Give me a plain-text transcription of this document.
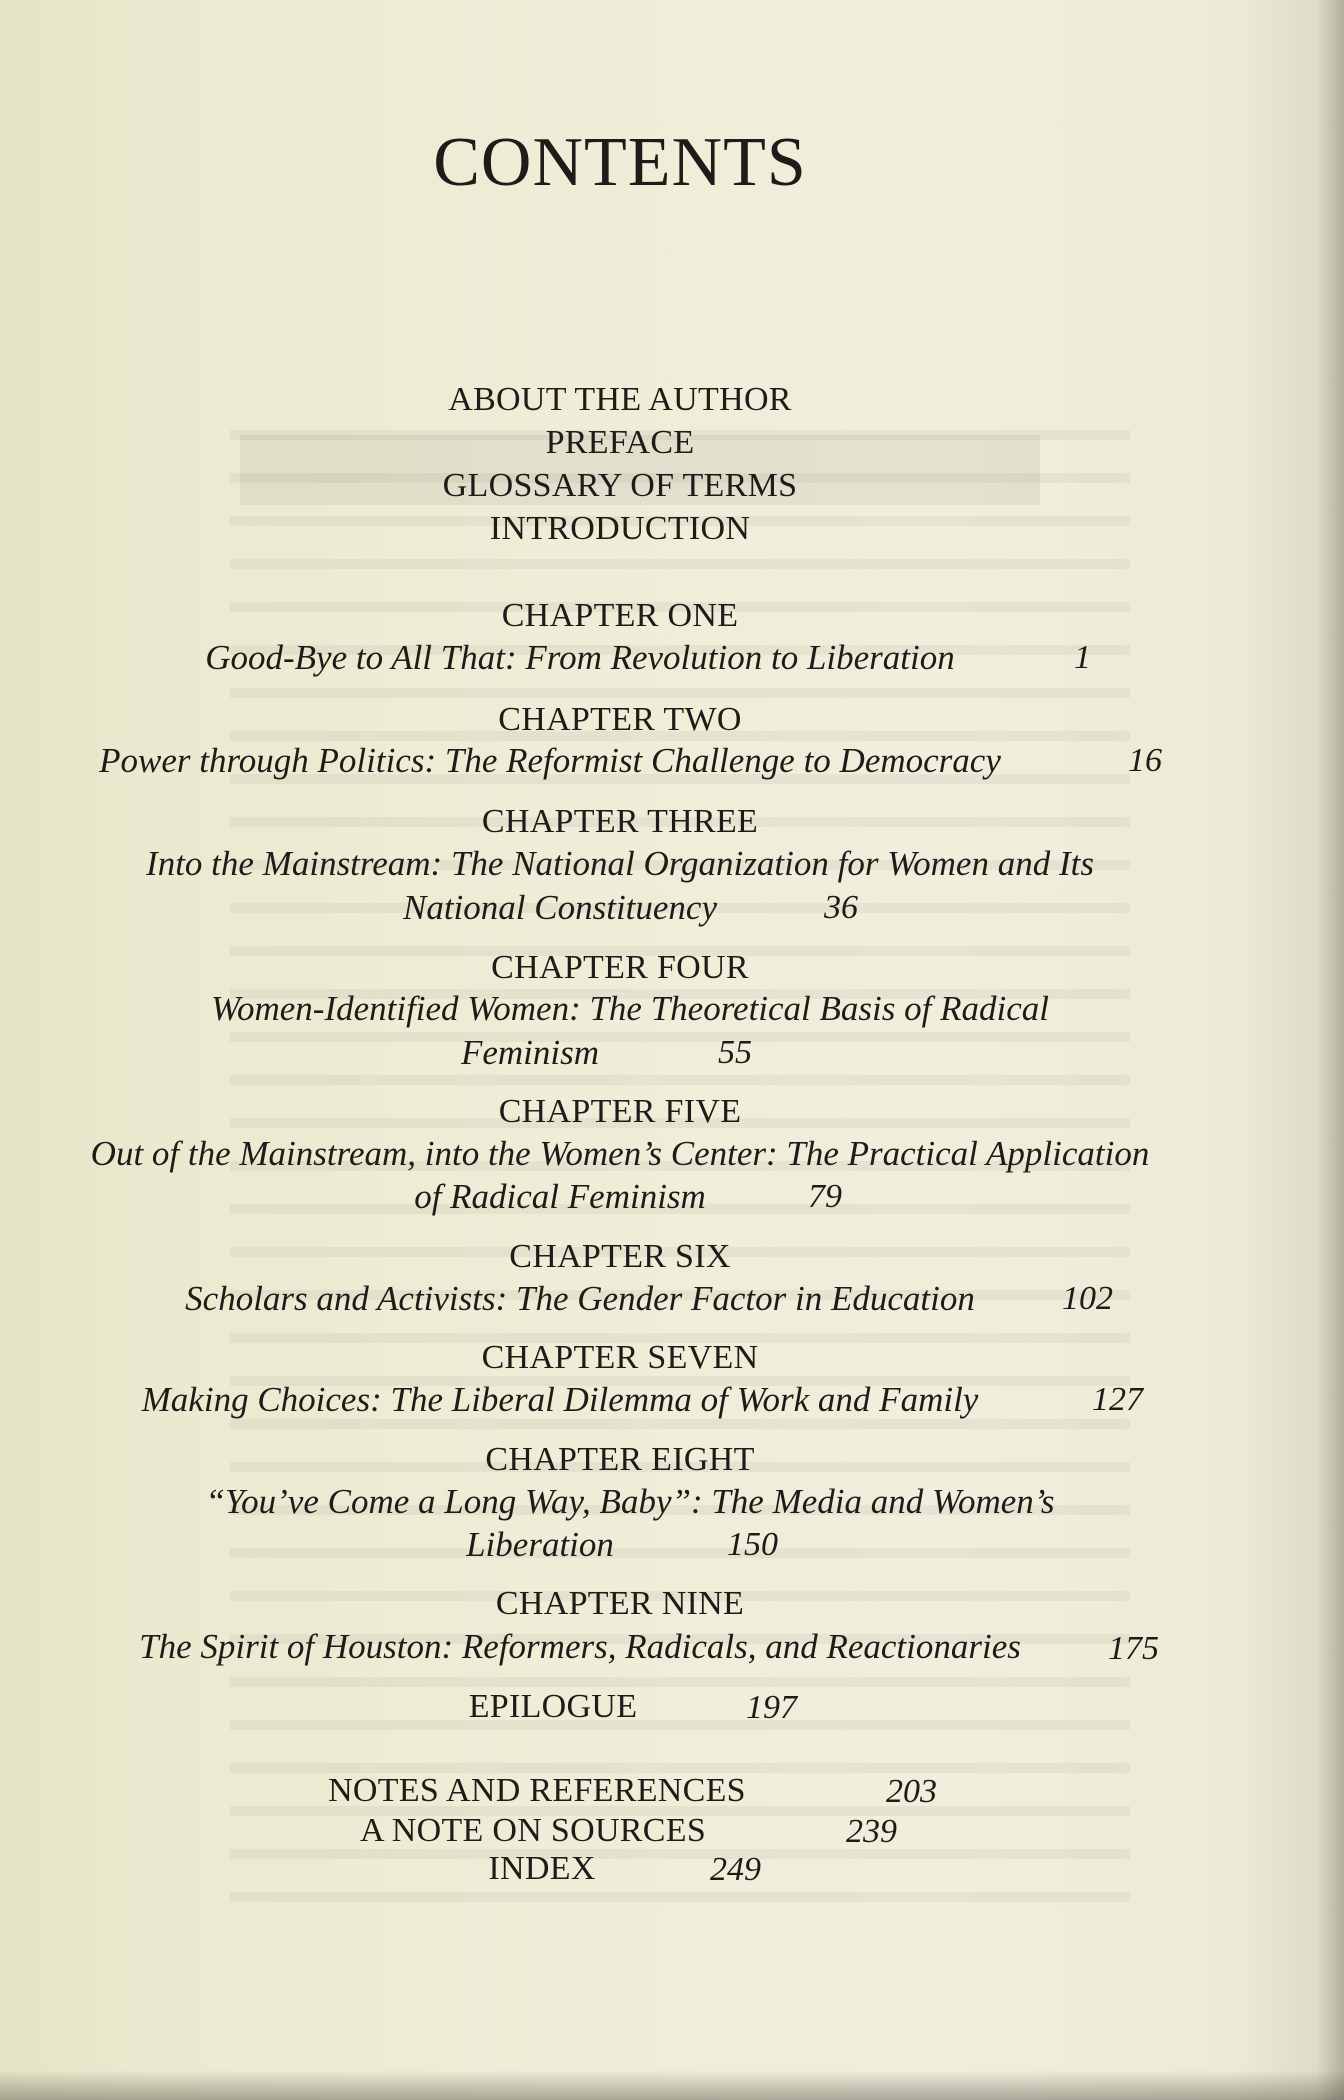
CONTENTS
ABOUT THE AUTHOR
PREFACE
GLOSSARY OF TERMS
INTRODUCTION
CHAPTER ONE
Good-Bye to All That: From Revolution to Liberation	1
CHAPTER TWO
Power through Politics: The Reformist Challenge to Democracy	16
CHAPTER THREE
Into the Mainstream: The National Organization for Women and Its
National Constituency	36
CHAPTER FOUR
Women-Identified Women: The Theoretical Basis of Radical
Feminism	55
CHAPTER FIVE
Out of the Mainstream, into the Women’s Center: The Practical Application
of Radical Feminism	79
CHAPTER SIX
Scholars and Activists: The Gender Factor in Education	102
CHAPTER SEVEN
Making Choices: The Liberal Dilemma of Work and Family	127
CHAPTER EIGHT
“You’ve Come a Long Way, Baby”: The Media and Women’s
Liberation	150
CHAPTER NINE
The Spirit of Houston: Reformers, Radicals, and Reactionaries	175
EPILOGUE	197
NOTES AND REFERENCES	203
A NOTE ON SOURCES	239
INDEX	249
